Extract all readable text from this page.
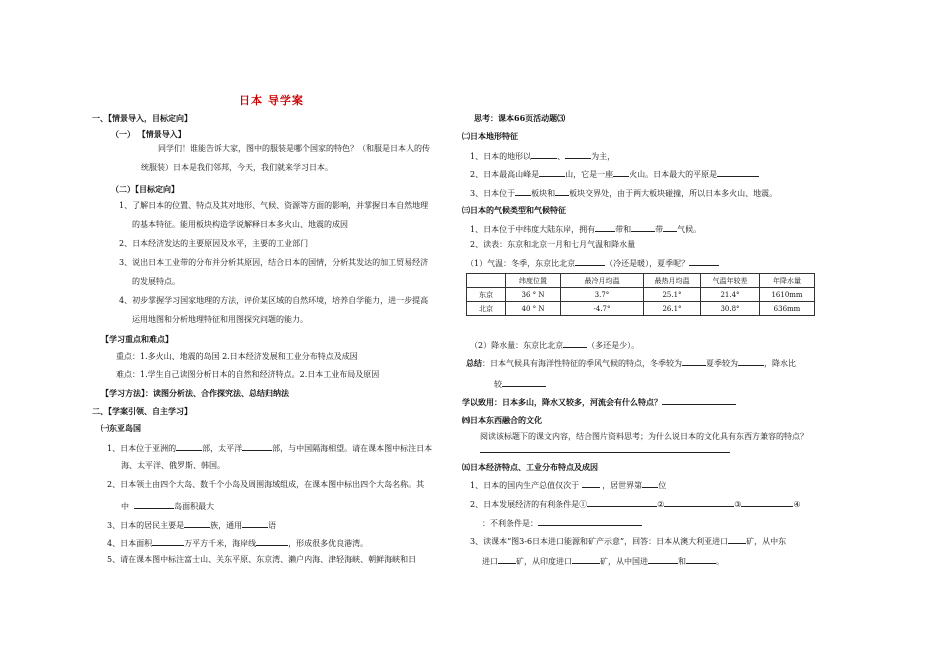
日本 导学案
一、【情景导入，目标定向】
（一） 【情景导入】
同学们！谁能告诉大家，图中的服装是哪个国家的特色？（和服是日本人的传
统服装）日本是我们邻邦，今天，我们就来学习日本。
（二）【目标定向】
1、了解日本的位置、特点及其对地形、气候、资源等方面的影响，并掌握日本自然地理
的基本特征。能用板块构造学说解释日本多火山、地震的成因
2、日本经济发达的主要原因及水平，主要的工业部门
3、说出日本工业带的分布并分析其原因，结合日本的国情，分析其发达的加工贸易经济
的发展特点。
4、初步掌握学习国家地理的方法，评价某区域的自然环境，培养自学能力，进一步提高
运用地图和分析地理特征和用图探究问题的能力。
【学习重点和难点】
重点：1.多火山、地震的岛国 2.日本经济发展和工业分布特点及成因
难点：1.学生自己读图分析日本的自然和经济特点。2.日本工业布局及原因
【学习方法】：读图分析法、合作探究法、总结归纳法
二、【学案引领、自主学习】
㈠东亚岛国
1、日本位于亚洲的	部，太平洋	部，与中国隔海相望。请在课本图中标注日本
海、太平洋、俄罗斯、韩国。
2、日本领土由四个大岛、数千个小岛及周围海域组成，在课本图中标出四个大岛名称。其
中	岛面积最大
3、日本的居民主要是	族，通用	语
4、日本面积	万平方千米，海岸线	，形成很多优良港湾。
5、请在课本图中标注富士山、关东平原、东京湾、濑户内海、津轻海峡、朝鲜海峡和日
思考：课本66页活动题⑶
㈡日本地形特征
1、日本的地形以	、	为主，
2、日本最高山峰是	山，它是一座 火山。日本最大的平原是
3、日本位于 板块和 板块交界处，由于两大板块碰撞，所以日本多火山、地震。
㈢日本的气候类型和气候特征
1、日本位于中纬度大陆东岸，拥有	带和	带 气候。
2、读表：东京和北京一月和七月气温和降水量
（1）气温：冬季，东京比北京	（冷还是暖），夏季呢？
	纬度位置	最冷月均温	最热月均温	气温年较差	年降水量
东京	36 ° N	3.7°	25.1°	21.4°	1610mm
北京	40 ° N	-4.7°	26.1°	30.8°	636mm
（2）降水量：东京比北京	（多还是少）。
总结：日本气候具有海洋性特征的季风气候的特点，冬季较为	夏季较为	，降水比
较
学以致用：日本多山，降水又较多，河流会有什么特点？
㈣日本东西融合的文化
阅读该标题下的课文内容，结合图片资料思考；为什么说日本的文化具有东西方兼容的特点？
㈤日本经济特点、工业分布特点及成因
1、日本的国内生产总值仅次于	，居世界第 位
2、日本发展经济的有利条件是①	②	③	④
：不利条件是：
3、读课本“图3-6日本进口能源和矿产示意”，回答：日本从澳大利亚进口 矿，从中东
进口 矿，从印度进口	矿，从中国进	和	。
